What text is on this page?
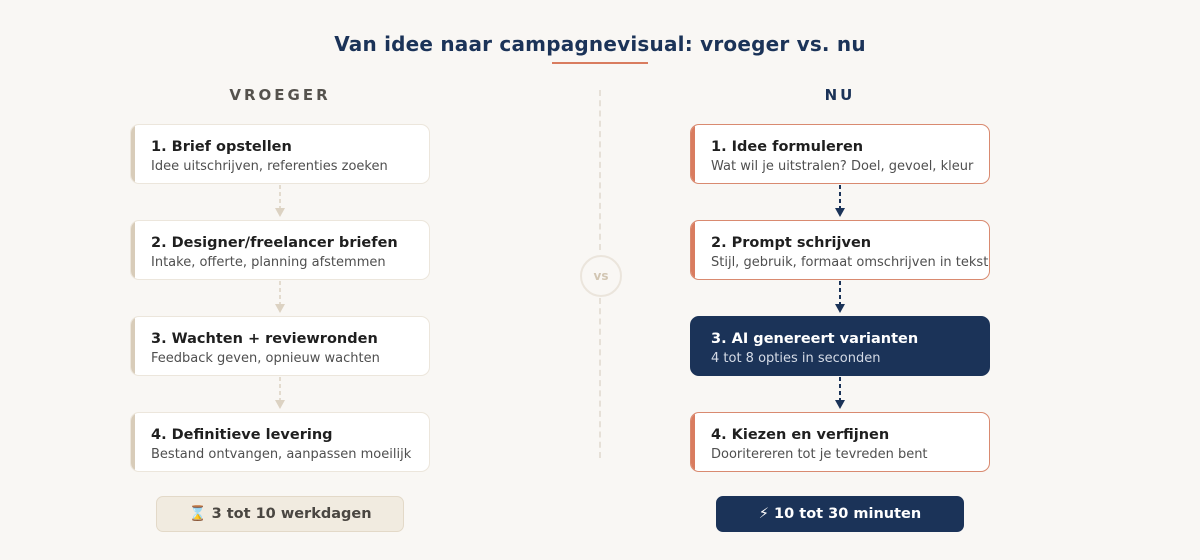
Van idee naar campagnevisual: vroeger vs. nu
VROEGER	NU
1. Brief opstellen
Idee uitschrijven, referenties zoeken
2. Designer/freelancer briefen
Intake, offerte, planning afstemmen
3. Wachten + reviewronden
Feedback geven, opnieuw wachten
4. Definitieve levering
Bestand ontvangen, aanpassen moeilijk
1. Idee formuleren
Wat wil je uitstralen? Doel, gevoel, kleur
2. Prompt schrijven
Stijl, gebruik, formaat omschrijven in tekst
3. AI genereert varianten
4 tot 8 opties in seconden
4. Kiezen en verfijnen
Dooritereren tot je tevreden bent
vs
⌛ 3 tot 10 werkdagen	⚡ 10 tot 30 minuten
